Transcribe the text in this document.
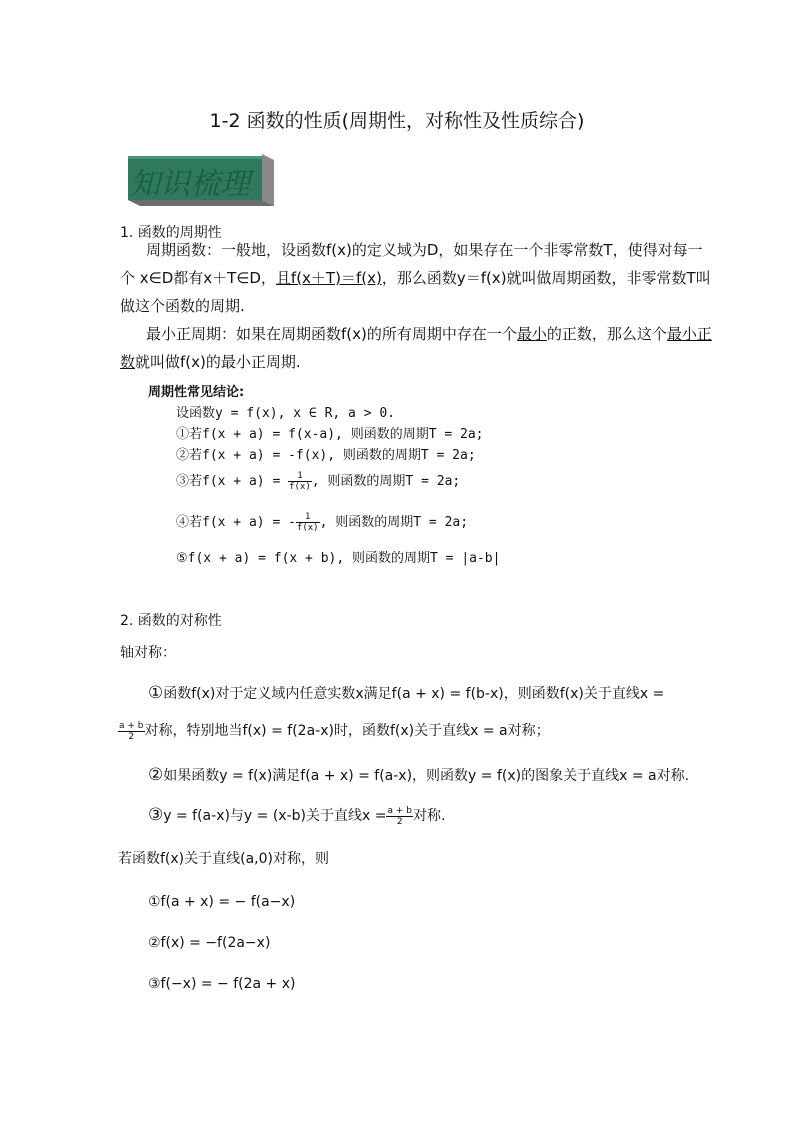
1-2 函数的性质(周期性，对称性及性质综合)
知识梳理
1. 函数的周期性
周期函数：一般地，设函数f(x)的定义域为D，如果存在一个非零常数T，使得对每一
个 x∈D都有x＋T∈D，且f(x＋T)＝f(x)，那么函数y＝f(x)就叫做周期函数，非零常数T叫
做这个函数的周期.
最小正周期：如果在周期函数f(x)的所有周期中存在一个最小的正数，那么这个最小正
数就叫做f(x)的最小正周期.
周期性常见结论:
设函数y = f(x), x ∈ R, a > 0.
①若f(x + a) = f(x-a), 则函数的周期T = 2a;
②若f(x + a) = -f(x), 则函数的周期T = 2a;
③若$f(x + a) = \frac{1}{f(x)}$ , 则函数的周期T = 2a;
④若f(x + a) = - $\frac{1}{f(x)}$ , 则函数的周期T = 2a;
⑤f(x + a) = f(x + b), 则函数的周期T = |a-b|
2. 函数的对称性
轴对称：
①函数f(x)对于定义域内任意实数x满足f(a + x) = f(b-x)，则函数f(x)关于直线x =
$\frac{a + b}{2}$ 对称，特别地当f(x) = f(2a-x)时，函数f(x)关于直线x = a对称；
②如果函数y = f(x)满足f(a + x) = f(a-x)，则函数y = f(x)的图象关于直线x = a对称.
③y = f(a-x)与y = (x-b)关于直线$x = \frac{a + b}{2}$ 对称.
若函数f(x)关于直线(a,0)对称，则
①f(a + x) = − f(a−x)
②f(x) = −f(2a−x)
③f(−x) = − f(2a + x)
